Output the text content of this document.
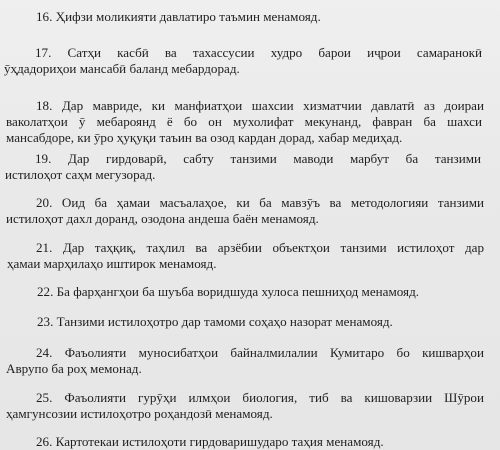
16. Ҳифзи моликияти давлатиро таъмин менамояд.
17. Сатҳи касбӣ ва тахассусии худро барои иҷрои самаранокӣ
ӯҳдадориҳои мансабӣ баланд мебардорад.
18. Дар мавриде, ки манфиатҳои шахсии хизматчии давлатӣ аз доираи
ваколатҳои ӯ мебароянд ё бо он мухолифат мекунанд, фавран ба шахси
мансабдоре, ки ӯро ҳуқуқи таъин ва озод кардан дорад, хабар медиҳад.
19. Дар гирдоварӣ, сабту танзими маводи марбут ба танзими
истилоҳот саҳм мегузорад.
20. Оид ба ҳамаи масъалаҳое, ки ба мавзӯъ ва методологияи танзими
истилоҳот дахл доранд, озодона андеша баён менамояд.
21. Дар таҳқиқ, таҳлил ва арзёбии объектҳои танзими истилоҳот дар
ҳамаи марҳилаҳо иштирок менамояд.
22. Ба фарҳангҳои ба шуъба воридшуда хулоса пешниҳод менамояд.
23. Танзими истилоҳотро дар тамоми соҳаҳо назорат менамояд.
24. Фаъолияти муносибатҳои байналмилалии Кумитаро бо кишварҳои
Аврупо ба роҳ мемонад.
25. Фаъолияти гурӯҳи илмҳои биология, тиб ва кишоварзии Шӯрои
ҳамгунсозии истилоҳотро роҳандозӣ менамояд.
26. Картотекаи истилоҳоти гирдоваришударо таҳия менамояд.
